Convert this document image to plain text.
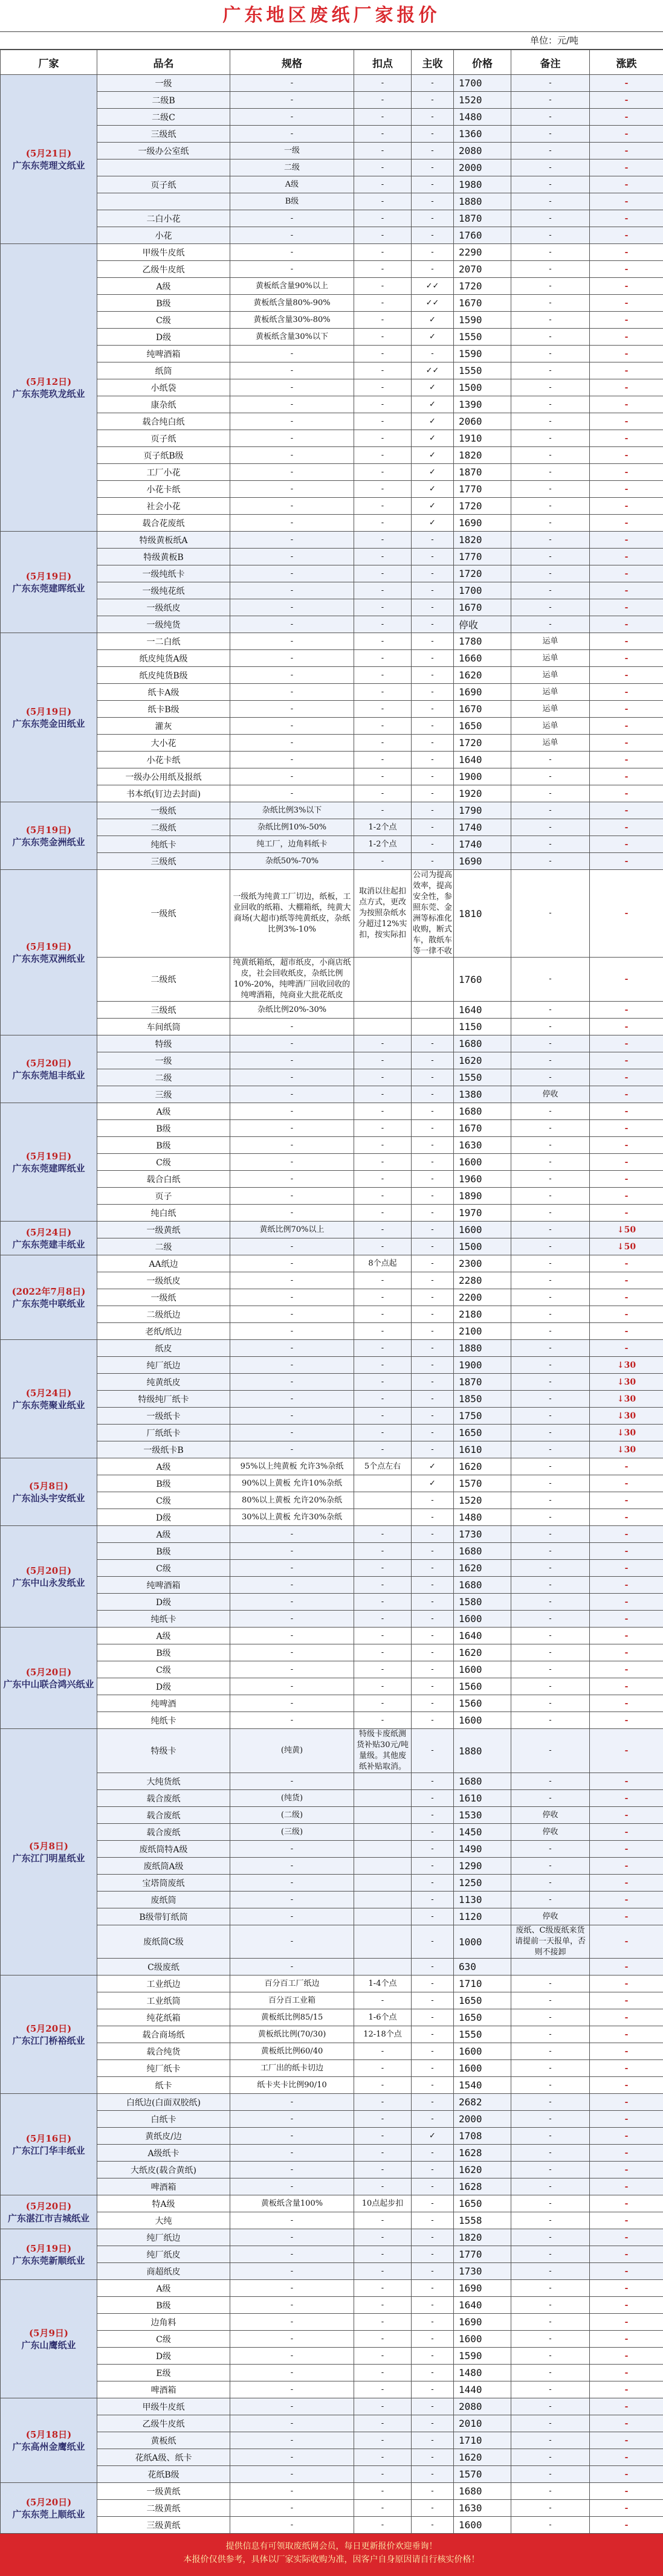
广东地区废纸厂家报价
单位：元/吨
厂家	品名	规格	扣点	主收	价格	备注	涨跌

(5月21日)
广东东莞理文纸业	一级	-	-	-	1700	-	-
	二级B	-	-	-	1520	-	-
	二级C	-	-	-	1480	-	-
	三级纸	-	-	-	1360	-	-
	一级办公室纸	一级	-	-	2080	-	-
		二级	-	-	2000	-	-
	页子纸	A级	-	-	1980	-	-
		B级	-	-	1880	-	-
	二白小花	-	-	-	1870	-	-
	小花	-	-	-	1760	-	-

(5月12日)
广东东莞玖龙纸业	甲级牛皮纸	-	-	-	2290	-	-
	乙级牛皮纸	-	-	-	2070	-	-
	A级	黄板纸含量90%以上	-	✓✓	1720	-	-
	B级	黄板纸含量80%-90%	-	✓✓	1670	-	-
	C级	黄板纸含量30%-80%	-	✓	1590	-	-
	D级	黄板纸含量30%以下	-	✓	1550	-	-
	纯啤酒箱	-	-	-	1590	-	-
	纸筒	-	-	✓✓	1550	-	-
	小纸袋	-	-	✓	1500	-	-
	康杂纸	-	-	✓	1390	-	-
	载合纯白纸	-	-	✓	2060	-	-
	页子纸	-	-	✓	1910	-	-
	页子纸B级	-	-	✓	1820	-	-
	工厂小花	-	-	✓	1870	-	-
	小花卡纸	-	-	✓	1770	-	-
	社会小花	-	-	✓	1720	-	-
	载合花废纸	-	-	✓	1690	-	-

(5月19日)
广东东莞建晖纸业	特级黄板纸A	-	-	-	1820	-	-
	特级黄板B	-	-	-	1770	-	-
	一级纯纸卡	-	-	-	1720	-	-
	一级纯花纸	-	-	-	1700	-	-
	一级纸皮	-	-	-	1670	-	-
	一级纯货	-	-	-	停收	-	-

(5月19日)
广东东莞金田纸业	一二白纸	-	-	-	1780	运单	-
	纸皮纯货A级	-	-	-	1660	运单	-
	纸皮纯货B级	-	-	-	1620	运单	-
	纸卡A级	-	-	-	1690	运单	-
	纸卡B级	-	-	-	1670	运单	-
	灌灰	-	-	-	1650	运单	-
	大小花	-	-	-	1720	运单	-
	小花卡纸	-	-	-	1640	-	-
	一级办公用纸及报纸	-	-	-	1900	-	-
	书本纸(钉边去封面)	-	-	-	1920	-	-

(5月19日)
广东东莞金洲纸业	一级纸	杂纸比例3%以下	-	-	1790	-	-
	二级纸	杂纸比例10%-50%	1-2个点	-	1740	-	-
	纯纸卡	纯工厂，边角料纸卡	1-2个点	-	1740	-	-
	三级纸	杂纸50%-70%	-	-	1690	-	-

(5月19日)
广东东莞双洲纸业	一级纸	一级纸为纯黄工厂切边，纸板，工业回收的纸箱、大棚箱纸，纯黄大商场(大超市)纸等纯黄纸皮，杂纸比例3%-10%	取消以往起扣点方式，更改为按照杂纸水分超过12%实扣，按实际扣	公司为提高效率，提高安全性，参照东莞、金洲等标准化收购，断式车，散纸车等一律不收	1810	-	-
	二级纸	纯黄纸箱纸，超市纸皮，小商店纸皮，社会回收纸皮，杂纸比例10%-20%，纯啤酒厂回收回收的纯啤酒箱，纯商业大批花纸皮			1760	-	-
	三级纸	杂纸比例20%-30%			1640	-	-
	车间纸筒	-			1150	-	-

(5月20日)
广东东莞旭丰纸业	特级	-	-	-	1680	-	-
	一级	-	-	-	1620	-	-
	二级	-	-	-	1550	-	-
	三级	-	-	-	1380	停收	-

(5月19日)
广东东莞建晖纸业	A级	-	-	-	1680	-	-
	B级	-	-	-	1670	-	-
	B级	-	-	-	1630	-	-
	C级	-	-	-	1600	-	-
	载合白纸	-	-	-	1960	-	-
	页子	-	-	-	1890	-	-
	纯白纸	-	-	-	1970	-	-

(5月24日)
广东东莞建丰纸业	一级黄纸	黄纸比例70%以上	-	-	1600	-	↓50
	二级	-	-	-	1500	-	↓50

(2022年7月8日)
广东东莞中联纸业	AA纸边	-	8个点起	-	2300	-	-
	一级纸皮	-	-	-	2280	-	-
	一级纸	-	-	-	2200	-	-
	二级纸边	-	-	-	2180	-	-
	老纸/纸边	-	-	-	2100	-	-

(5月24日)
广东东莞聚业纸业	纸皮	-	-	-	1880	-	-
	纯厂纸边	-	-	-	1900	-	↓30
	纯黄纸皮	-	-	-	1870	-	↓30
	特级纯厂纸卡	-	-	-	1850	-	↓30
	一级纸卡	-	-	-	1750	-	↓30
	厂纸纸卡	-	-	-	1650	-	↓30
	一级纸卡B	-	-	-	1610	-	↓30

(5月8日)
广东汕头宇安纸业	A级	95%以上纯黄板 允许3%杂纸	5个点左右	✓	1620	-	-
	B级	90%以上黄板 允许10%杂纸		✓	1570	-	-
	C级	80%以上黄板 允许20%杂纸		-	1520	-	-
	D级	30%以上黄板 允许30%杂纸		-	1480	-	-

(5月20日)
广东中山永发纸业	A级	-	-	-	1730	-	-
	B级	-	-	-	1680	-	-
	C级	-	-	-	1620	-	-
	纯啤酒箱	-	-	-	1680	-	-
	D级	-	-	-	1580	-	-
	纯纸卡	-	-	-	1600	-	-

(5月20日)
广东中山联合鸿兴纸业	A级	-	-	-	1640	-	-
	B级	-	-	-	1620	-	-
	C级	-	-	-	1600	-	-
	D级	-	-	-	1560	-	-
	纯啤酒	-	-	-	1560	-	-
	纯纸卡	-	-	-	1600	-	-

(5月8日)
广东江门明星纸业	特级卡	(纯黄)	特级卡废纸测货补贴30元/吨量级。其他废纸补贴取消。	-	1880	-	-
	大纯货纸	-		-	1680	-	-
	载合废纸	(纯货)		-	1610	-	-
	载合废纸	(二级)		-	1530	停收	-
	载合废纸	(三级)		-	1450	停收	-
	废纸筒特A级	-		-	1490	-	-
	废纸筒A级	-		-	1290	-	-
	宝塔筒废纸	-		-	1250	-	-
	废纸筒	-		-	1130	-	-
	B级带钉纸筒	-		-	1120	停收	-
	废纸筒C级	-		-	1000	废纸、C级废纸来货请提前一天报单，否则不接卸	-
	C级废纸	-		-	630		-

(5月20日)
广东江门桥裕纸业	工业纸边	百分百工厂纸边	1-4个点	-	1710	-	-
	工业纸筒	百分百工业箱	-	-	1650	-	-
	纯花纸箱	黄板纸比例85/15	1-6个点	-	1650	-	-
	载合商场纸	黄板纸比例(70/30)	12-18个点	-	1550	-	-
	载合纯货	黄板纸比例60/40	-	-	1600	-	-
	纯厂纸卡	工厂出的纸卡切边	-	-	1600	-	-
	纸卡	纸卡夹卡比例90/10	-	-	1540	-	-

(5月16日)
广东江门华丰纸业	白纸边(白面双胶纸)	-	-	-	2682	-	-
	白纸卡	-	-	-	2000	-	-
	黄纸皮/边	-	-	✓	1708	-	-
	A级纸卡	-	-	-	1628	-	-
	大纸皮(载合黄纸)	-	-	-	1620	-	-
	啤酒箱	-	-	-	1628	-	-

(5月20日)
广东湛江市吉城纸业	特A级	黄板纸含量100%	10点起步扣	-	1650	-	-
	大纯	-	-	-	1558	-	-

(5月19日)
广东东莞新顺纸业	纯厂纸边	-	-	-	1820	-	-
	纯厂纸皮	-	-	-	1770	-	-
	商超纸皮	-	-	-	1730	-	-

(5月9日)
广东山鹰纸业	A级	-	-	-	1690	-	-
	B级	-	-	-	1640	-	-
	边角料	-	-	-	1690	-	-
	C级	-	-	-	1600	-	-
	D级	-	-	-	1590	-	-
	E级	-	-	-	1480	-	-
	啤酒箱	-	-	-	1440	-	-

(5月18日)
广东高州金鹰纸业	甲级牛皮纸	-	-	-	2080	-	-
	乙级牛皮纸	-	-	-	2010	-	-
	黄板纸	-	-	-	1710	-	-
	花纸A级、纸卡	-	-	-	1620	-	-
	花纸B级	-	-	-	1570	-	-

(5月20日)
广东东莞上顺纸业	一级黄纸	-	-	-	1680	-	-
	二级黄纸	-	-	-	1630	-	-
	三级黄纸	-	-	-	1600	-	-
提供信息有可领取废纸网会员，每日更新报价欢迎垂询！
本报价仅供参考，具体以厂家实际收购为准，因客户自身原因请自行核实价格！
